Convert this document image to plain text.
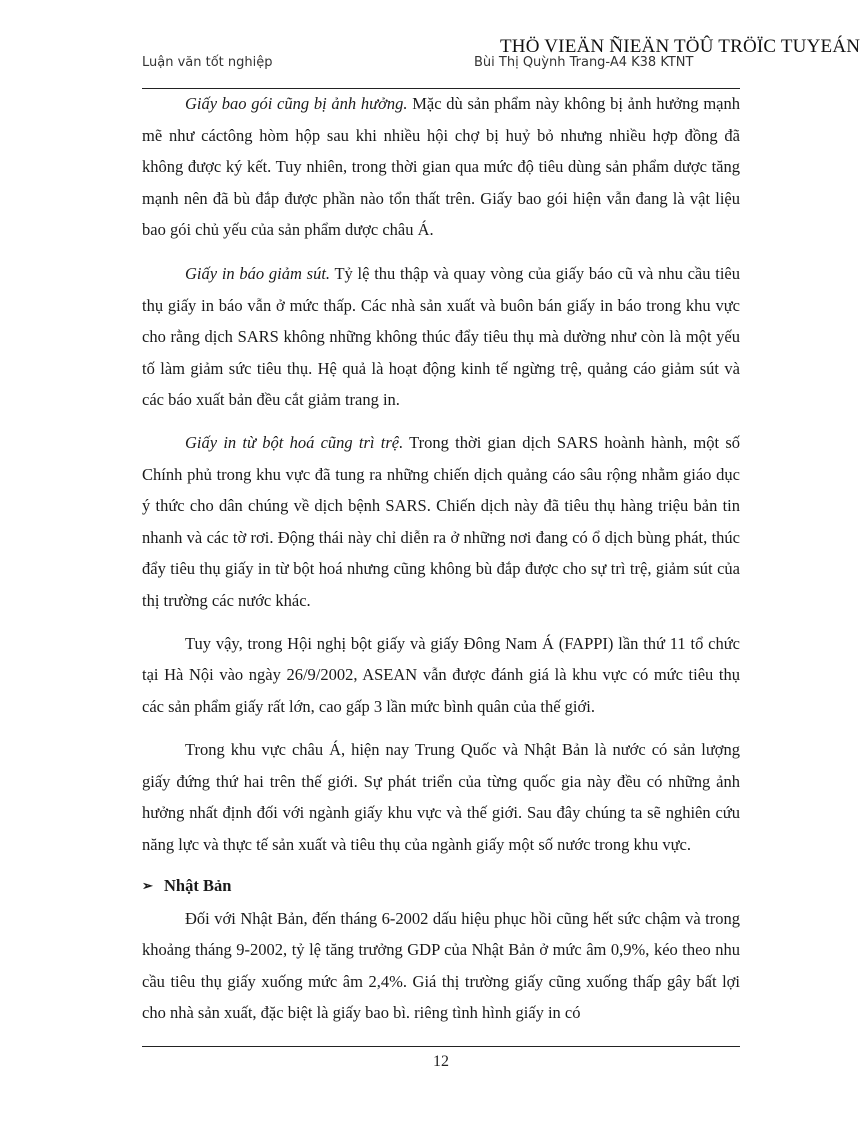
THÖ VIEÄN ÑIEÄN TÖÛ TRÖÏC TUYEÁN
Luận văn tốt nghiệp	Bùi Thị Quỳnh Trang-A4 K38 KTNT

Giấy bao gói cũng bị ảnh hưởng. Mặc dù sản phẩm này không bị ảnh hưởng mạnh mẽ như cáctông hòm hộp sau khi nhiều hội chợ bị huỷ bỏ nhưng nhiều hợp đồng đã không được ký kết. Tuy nhiên, trong thời gian qua mức độ tiêu dùng sản phẩm dược tăng mạnh nên đã bù đắp được phần nào tổn thất trên. Giấy bao gói hiện vẫn đang là vật liệu bao gói chủ yếu của sản phẩm dược châu Á.

Giấy in báo giảm sút. Tỷ lệ thu thập và quay vòng của giấy báo cũ và nhu cầu tiêu thụ giấy in báo vẫn ở mức thấp. Các nhà sản xuất và buôn bán giấy in báo trong khu vực cho rằng dịch SARS không những không thúc đẩy tiêu thụ mà dường như còn là một yếu tố làm giảm sức tiêu thụ. Hệ quả là hoạt động kinh tế ngừng trệ, quảng cáo giảm sút và các báo xuất bản đều cắt giảm trang in.

Giấy in từ bột hoá cũng trì trệ. Trong thời gian dịch SARS hoành hành, một số Chính phủ trong khu vực đã tung ra những chiến dịch quảng cáo sâu rộng nhằm giáo dục ý thức cho dân chúng về dịch bệnh SARS. Chiến dịch này đã tiêu thụ hàng triệu bản tin nhanh và các tờ rơi. Động thái này chỉ diễn ra ở những nơi đang có ổ dịch bùng phát, thúc đẩy tiêu thụ giấy in từ bột hoá nhưng cũng không bù đắp được cho sự trì trệ, giảm sút của thị trường các nước khác.

Tuy vậy, trong Hội nghị bột giấy và giấy Đông Nam Á (FAPPI) lần thứ 11 tổ chức tại Hà Nội vào ngày 26/9/2002, ASEAN vẫn được đánh giá là khu vực có mức tiêu thụ các sản phẩm giấy rất lớn, cao gấp 3 lần mức bình quân của thế giới.

Trong khu vực châu Á, hiện nay Trung Quốc và Nhật Bản là nước có sản lượng giấy đứng thứ hai trên thế giới. Sự phát triển của từng quốc gia này đều có những ảnh hưởng nhất định đối với ngành giấy khu vực và thế giới. Sau đây chúng ta sẽ nghiên cứu năng lực và thực tế sản xuất và tiêu thụ của ngành giấy một số nước trong khu vực.

➢ Nhật Bản

Đối với Nhật Bản, đến tháng 6-2002 dấu hiệu phục hồi cũng hết sức chậm và trong khoảng tháng 9-2002, tỷ lệ tăng trưởng GDP của Nhật Bản ở mức âm 0,9%, kéo theo nhu cầu tiêu thụ giấy xuống mức âm 2,4%. Giá thị trường giấy cũng xuống thấp gây bất lợi cho nhà sản xuất, đặc biệt là giấy bao bì. riêng tình hình giấy in có

12
